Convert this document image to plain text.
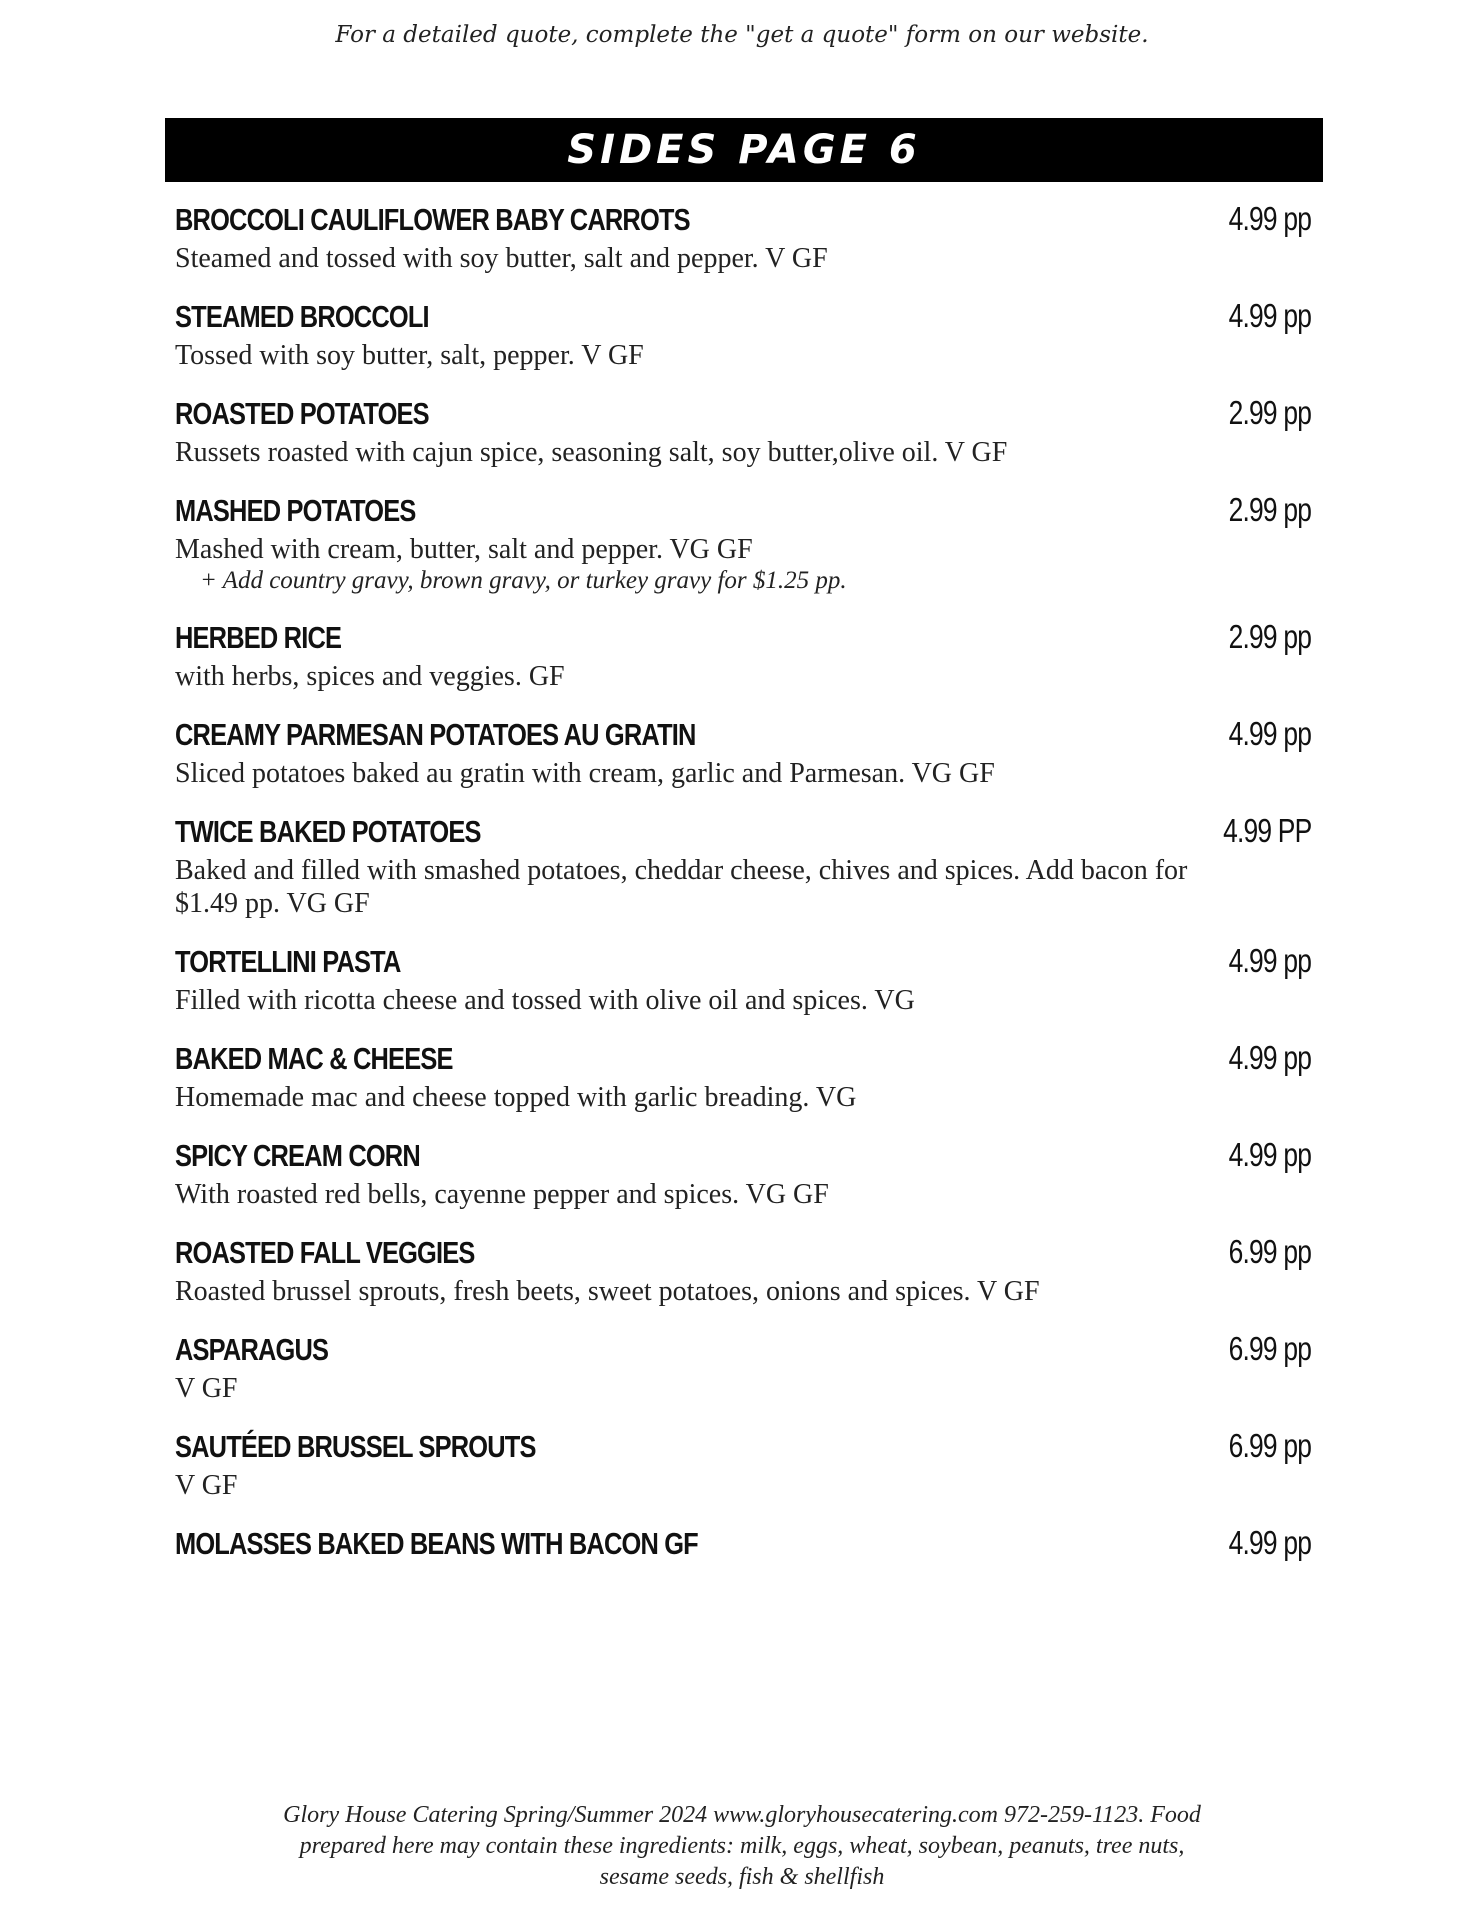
For a detailed quote, complete the "get a quote" form on our website.
SIDES PAGE 6
BROCCOLI CAULIFLOWER BABY CARROTS	4.99 pp
Steamed and tossed with soy butter, salt and pepper. V GF
STEAMED BROCCOLI	4.99 pp
Tossed with soy butter, salt, pepper. V GF
ROASTED POTATOES	2.99 pp
Russets roasted with cajun spice, seasoning salt, soy butter,olive oil. V GF
MASHED POTATOES	2.99 pp
Mashed with cream, butter, salt and pepper. VG GF
+ Add country gravy, brown gravy, or turkey gravy for $1.25 pp.
HERBED RICE	2.99 pp
with herbs, spices and veggies. GF
CREAMY PARMESAN POTATOES AU GRATIN	4.99 pp
Sliced potatoes baked au gratin with cream, garlic and Parmesan. VG GF
TWICE BAKED POTATOES	4.99 PP
Baked and filled with smashed potatoes, cheddar cheese, chives and spices. Add bacon for $1.49 pp. VG GF
TORTELLINI PASTA	4.99 pp
Filled with ricotta cheese and tossed with olive oil and spices. VG
BAKED MAC & CHEESE	4.99 pp
Homemade mac and cheese topped with garlic breading. VG
SPICY CREAM CORN	4.99 pp
With roasted red bells, cayenne pepper and spices. VG GF
ROASTED FALL VEGGIES	6.99 pp
Roasted brussel sprouts, fresh beets, sweet potatoes, onions and spices. V GF
ASPARAGUS	6.99 pp
V GF
SAUTÉED BRUSSEL SPROUTS	6.99 pp
V GF
MOLASSES BAKED BEANS WITH BACON GF	4.99 pp
Glory House Catering Spring/Summer 2024 www.gloryhousecatering.com 972-259-1123. Food
prepared here may contain these ingredients: milk, eggs, wheat, soybean, peanuts, tree nuts,
sesame seeds, fish & shellfish
